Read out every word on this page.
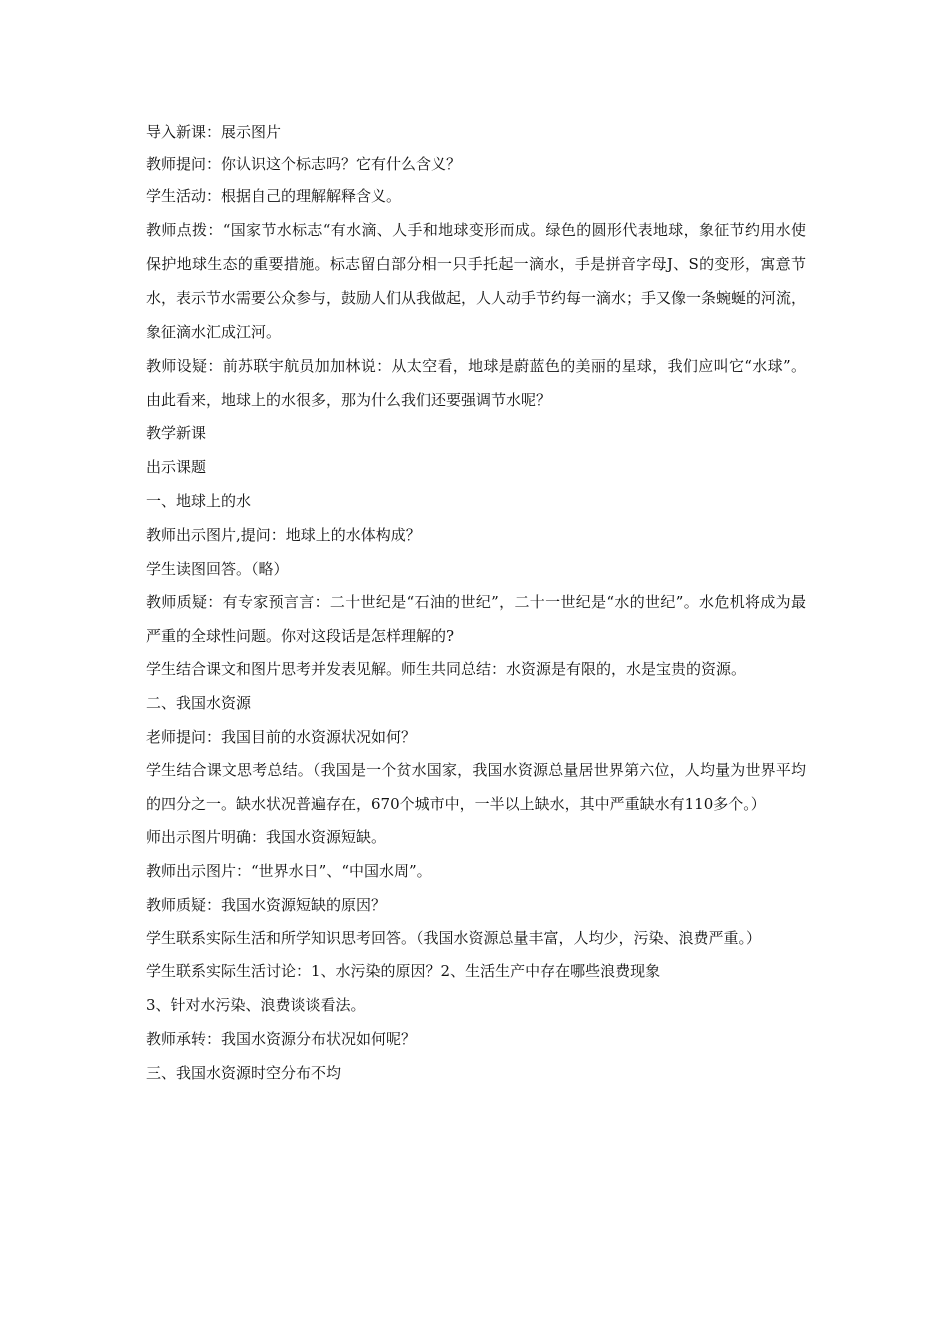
导入新课：展示图片
教师提问：你认识这个标志吗？它有什么含义？
学生活动：根据自己的理解解释含义。
教师点拨：“国家节水标志“有水滴、人手和地球变形而成。绿色的圆形代表地球，象征节约用水使保护地球生态的重要措施。标志留白部分相一只手托起一滴水，手是拼音字母J、S的变形，寓意节水，表示节水需要公众参与，鼓励人们从我做起，人人动手节约每一滴水；手又像一条蜿蜒的河流，象征滴水汇成江河。
教师设疑：前苏联宇航员加加林说：从太空看，地球是蔚蓝色的美丽的星球，我们应叫它“水球”。由此看来，地球上的水很多，那为什么我们还要强调节水呢？
教学新课
出示课题
一、地球上的水
教师出示图片,提问：地球上的水体构成？
学生读图回答。（略）
教师质疑：有专家预言言：二十世纪是“石油的世纪”，二十一世纪是“水的世纪”。水危机将成为最严重的全球性问题。你对这段话是怎样理解的?
学生结合课文和图片思考并发表见解。师生共同总结：水资源是有限的，水是宝贵的资源。
二、我国水资源
老师提问：我国目前的水资源状况如何？
学生结合课文思考总结。（我国是一个贫水国家，我国水资源总量居世界第六位，人均量为世界平均的四分之一。缺水状况普遍存在，670个城市中，一半以上缺水，其中严重缺水有110多个。）
师出示图片明确：我国水资源短缺。
教师出示图片：“世界水日”、“中国水周”。
教师质疑：我国水资源短缺的原因？
学生联系实际生活和所学知识思考回答。（我国水资源总量丰富，人均少，污染、浪费严重。）
学生联系实际生活讨论：1、水污染的原因？2、生活生产中存在哪些浪费现象
3、针对水污染、浪费谈谈看法。
教师承转：我国水资源分布状况如何呢？
三、我国水资源时空分布不均
